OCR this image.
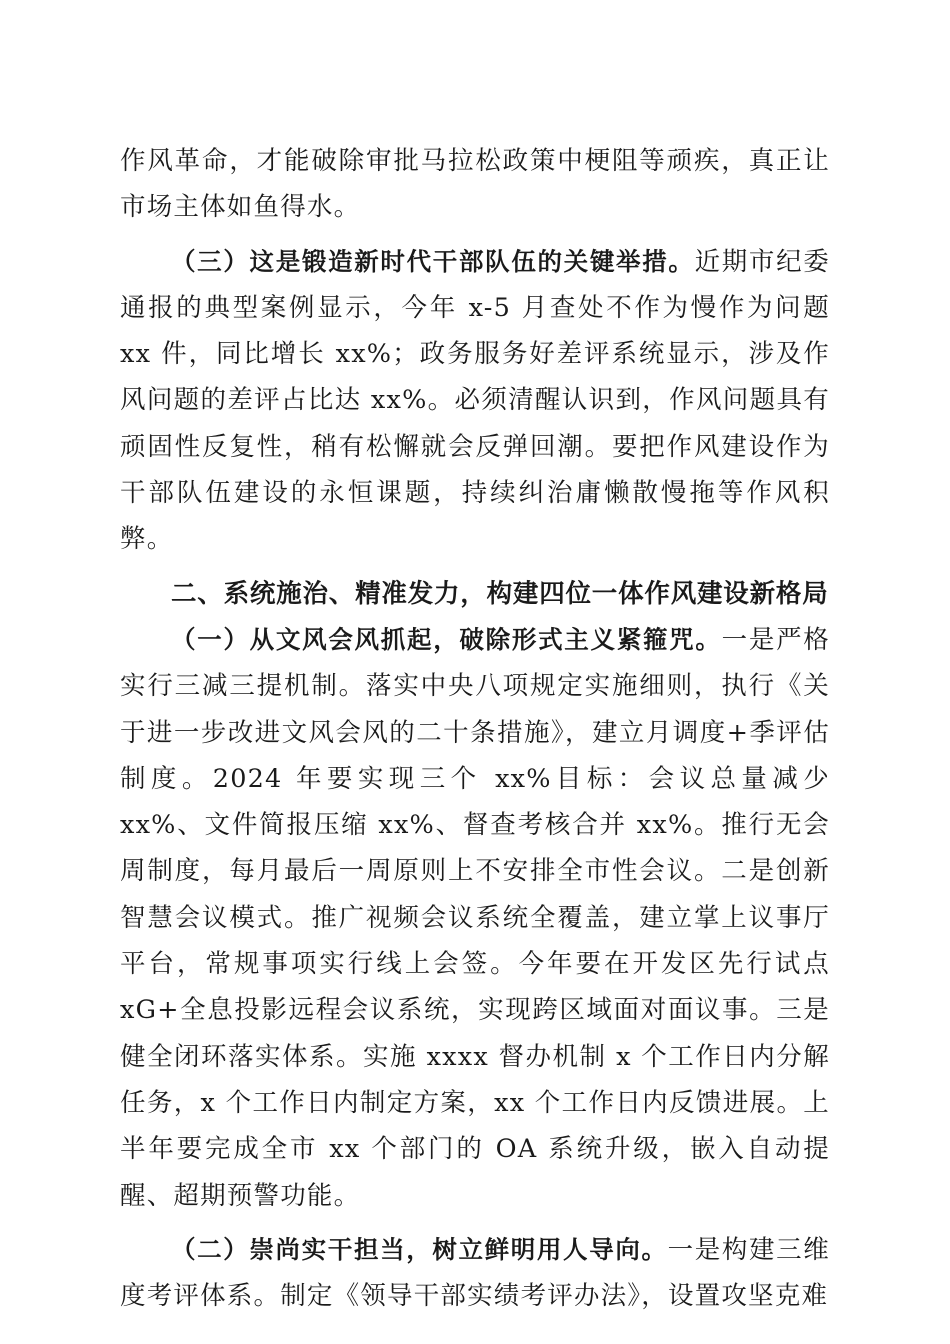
作风革命，才能破除审批马拉松政策中梗阻等顽疾，真正让市场主体如鱼得水。

（三）这是锻造新时代干部队伍的关键举措。近期市纪委通报的典型案例显示，今年 x-5 月查处不作为慢作为问题 xx 件，同比增长 xx%；政务服务好差评系统显示，涉及作风问题的差评占比达 xx%。必须清醒认识到，作风问题具有顽固性反复性，稍有松懈就会反弹回潮。要把作风建设作为干部队伍建设的永恒课题，持续纠治庸懒散慢拖等作风积弊。

二、系统施治、精准发力，构建四位一体作风建设新格局

（一）从文风会风抓起，破除形式主义紧箍咒。一是严格实行三减三提机制。落实中央八项规定实施细则，执行《关于进一步改进文风会风的二十条措施》，建立月调度+季评估制度。2024 年要实现三个 xx%目标：会议总量减少 xx%、文件简报压缩 xx%、督查考核合并 xx%。推行无会周制度，每月最后一周原则上不安排全市性会议。二是创新智慧会议模式。推广视频会议系统全覆盖，建立掌上议事厅平台，常规事项实行线上会签。今年要在开发区先行试点 xG+全息投影远程会议系统，实现跨区域面对面议事。三是健全闭环落实体系。实施 xxxx 督办机制 x 个工作日内分解任务，x 个工作日内制定方案，xx 个工作日内反馈进展。上半年要完成全市 xx 个部门的 OA 系统升级，嵌入自动提醒、超期预警功能。

（二）崇尚实干担当，树立鲜明用人导向。一是构建三维度考评体系。制定《领导干部实绩考评办法》，设置攻坚克难
